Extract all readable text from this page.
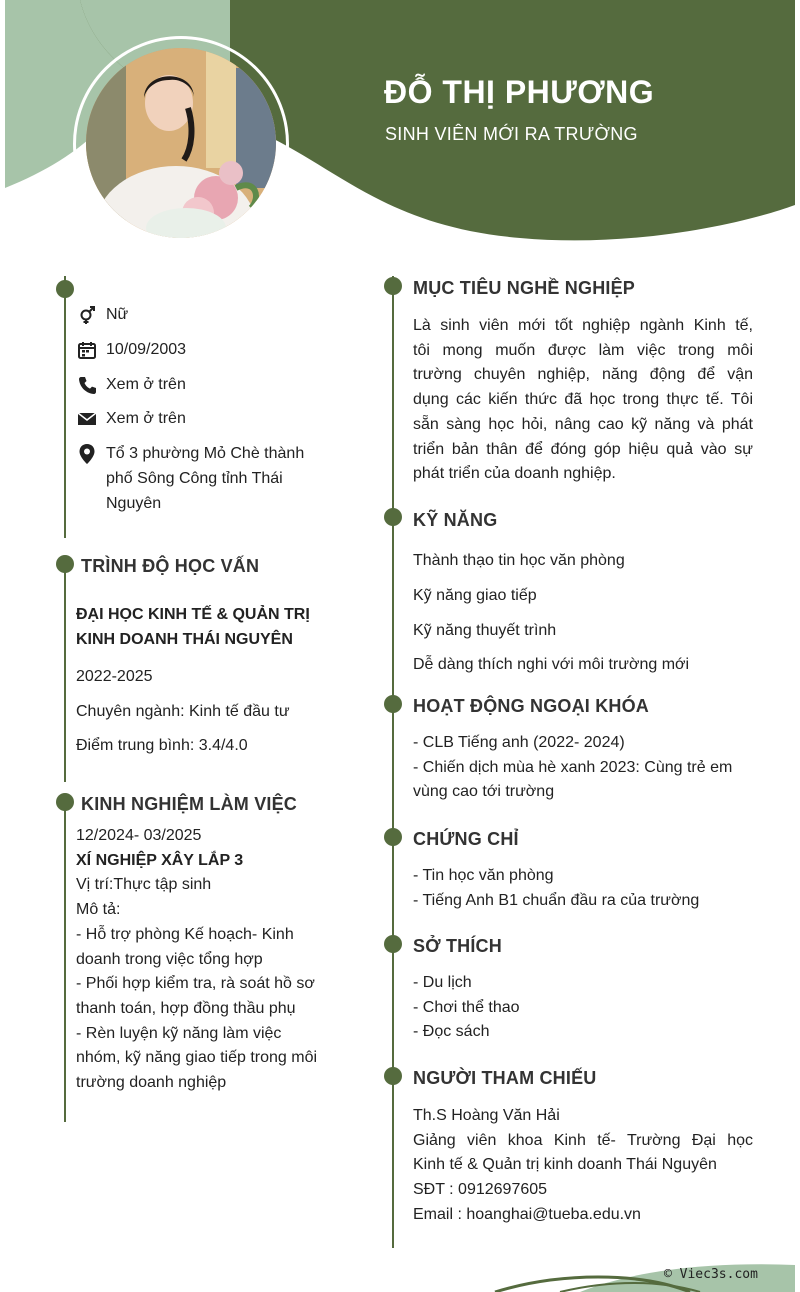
ĐỖ THỊ PHƯƠNG
SINH VIÊN MỚI RA TRƯỜNG
Nữ
10/09/2003
Xem ở trên
Xem ở trên
Tổ 3 phường Mỏ Chè thành
phố Sông Công tỉnh Thái
Nguyên
TRÌNH ĐỘ HỌC VẤN
ĐẠI HỌC KINH TẾ & QUẢN TRỊ
KINH DOANH THÁI NGUYÊN
2022-2025
Chuyên ngành: Kinh tế đầu tư
Điểm trung bình: 3.4/4.0
KINH NGHIỆM LÀM VIỆC
12/2024- 03/2025
XÍ NGHIỆP XÂY LẮP 3
Vị trí:Thực tập sinh
Mô tả:
- Hỗ trợ phòng Kế hoạch- Kinh
doanh trong việc tổng hợp
- Phối hợp kiểm tra, rà soát hồ sơ
thanh toán, hợp đồng thầu phụ
- Rèn luyện kỹ năng làm việc
nhóm, kỹ năng giao tiếp trong môi
trường doanh nghiệp
MỤC TIÊU NGHỀ NGHIỆP
Là sinh viên mới tốt nghiệp ngành Kinh tế,
tôi mong muốn được làm việc trong môi
trường chuyên nghiệp, năng động để vận
dụng các kiến thức đã học trong thực tế. Tôi
sẵn sàng học hỏi, nâng cao kỹ năng và phát
triển bản thân để đóng góp hiệu quả vào sự
phát triển của doanh nghiệp.
KỸ NĂNG
Thành thạo tin học văn phòng
Kỹ năng giao tiếp
Kỹ năng thuyết trình
Dễ dàng thích nghi với môi trường mới
HOẠT ĐỘNG NGOẠI KHÓA
- CLB Tiếng anh (2022- 2024)
- Chiến dịch mùa hè xanh 2023: Cùng trẻ em
vùng cao tới trường
CHỨNG CHỈ
- Tin học văn phòng
- Tiếng Anh B1 chuẩn đầu ra của trường
SỞ THÍCH
- Du lịch
- Chơi thể thao
- Đọc sách
NGƯỜI THAM CHIẾU
Th.S Hoàng Văn Hải
Giảng viên khoa Kinh tế- Trường Đại học
Kinh tế & Quản trị kinh doanh Thái Nguyên
SĐT : 0912697605
Email : hoanghai@tueba.edu.vn
© Viec3s.com
